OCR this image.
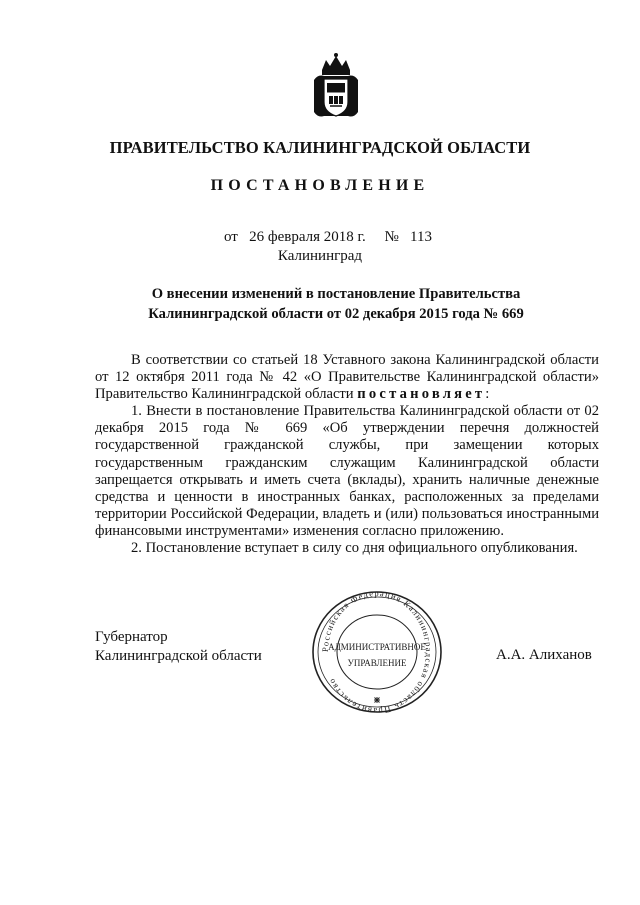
ПРАВИТЕЛЬСТВО КАЛИНИНГРАДСКОЙ ОБЛАСТИ
ПОСТАНОВЛЕНИЕ
от 26 февраля 2018 г. № 113
Калининград
О внесении изменений в постановление Правительства
Калининградской области от 02 декабря 2015 года № 669

В соответствии со статьей 18 Уставного закона Калининградской области от 12 октября 2011 года № 42 «О Правительстве Калининградской области» Правительство Калининградской области постановляет:

1. Внести в постановление Правительства Калининградской области от 02 декабря 2015 года № 669 «Об утверждении перечня должностей государственной гражданской службы, при замещении которых государственным гражданским служащим Калининградской области запрещается открывать и иметь счета (вклады), хранить наличные денежные средства и ценности в иностранных банках, расположенных за пределами территории Российской Федерации, владеть и (или) пользоваться иностранными финансовыми инструментами» изменения согласно приложению.

2. Постановление вступает в силу со дня официального опубликования.

Губернатор
Калининградской области	А.А. Алиханов
Российская Федерация Калининградская область Правительство
АДМИНИСТРАТИВНОЕ
УПРАВЛЕНИЕ
